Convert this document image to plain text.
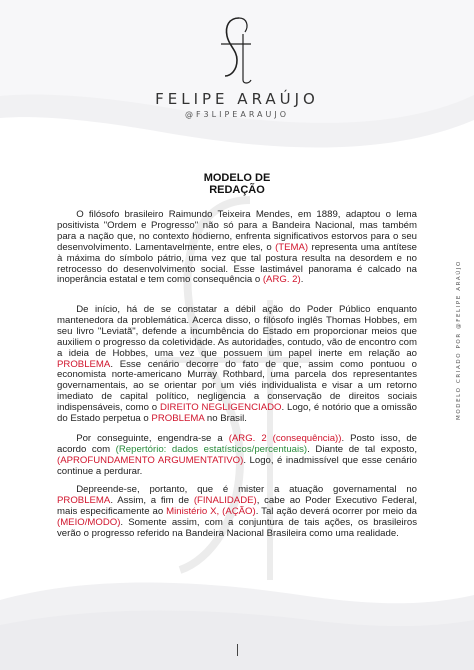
FELIPE ARAÚJO
@F3LIPEARAUJO
MODELO CRIADO POR @FELIPE ARAÚJO
MODELO DE
REDAÇÃO
  O filósofo brasileiro Raimundo Teixeira Mendes, em 1889, adaptou o lema positivista "Ordem e Progresso" não só para a Bandeira Nacional, mas também para a nação que, no contexto hodierno, enfrenta significativos estorvos para o seu desenvolvimento. Lamentavelmente, entre eles, o (TEMA) representa uma antítese à máxima do símbolo pátrio, uma vez que tal postura resulta na desordem e no retrocesso do desenvolvimento social. Esse lastimável panorama é calcado na inoperância estatal e tem como consequência o (ARG. 2).
  De início, há de se constatar a débil ação do Poder Público enquanto mantenedora da problemática. Acerca disso, o filósofo inglês Thomas Hobbes, em seu livro "Leviatã", defende a incumbência do Estado em proporcionar meios que auxiliem o progresso da coletividade. As autoridades, contudo, vão de encontro com a ideia de Hobbes, uma vez que possuem um papel inerte em relação ao PROBLEMA. Esse cenário decorre do fato de que, assim como pontuou o economista norte-americano Murray Rothbard, uma parcela dos representantes governamentais, ao se orientar por um viés individualista e visar a um retorno imediato de capital político, negligencia a conservação de direitos sociais indispensáveis, como o DIREITO NEGLIGENCIADO. Logo, é notório que a omissão do Estado perpetua o PROBLEMA no Brasil.
  Por conseguinte, engendra-se a (ARG. 2 (consequência)). Posto isso, de acordo com (Repertório: dados estatísticos/percentuais). Diante de tal exposto, (APROFUNDAMENTO ARGUMENTATIVO). Logo, é inadmissível que esse cenário continue a perdurar.
  Depreende-se, portanto, que é mister a atuação governamental no PROBLEMA. Assim, a fim de (FINALIDADE), cabe ao Poder Executivo Federal, mais especificamente ao Ministério X, (AÇÃO). Tal ação deverá ocorrer por meio da (MEIO/MODO). Somente assim, com a conjuntura de tais ações, os brasileiros verão o progresso referido na Bandeira Nacional Brasileira como uma realidade.
